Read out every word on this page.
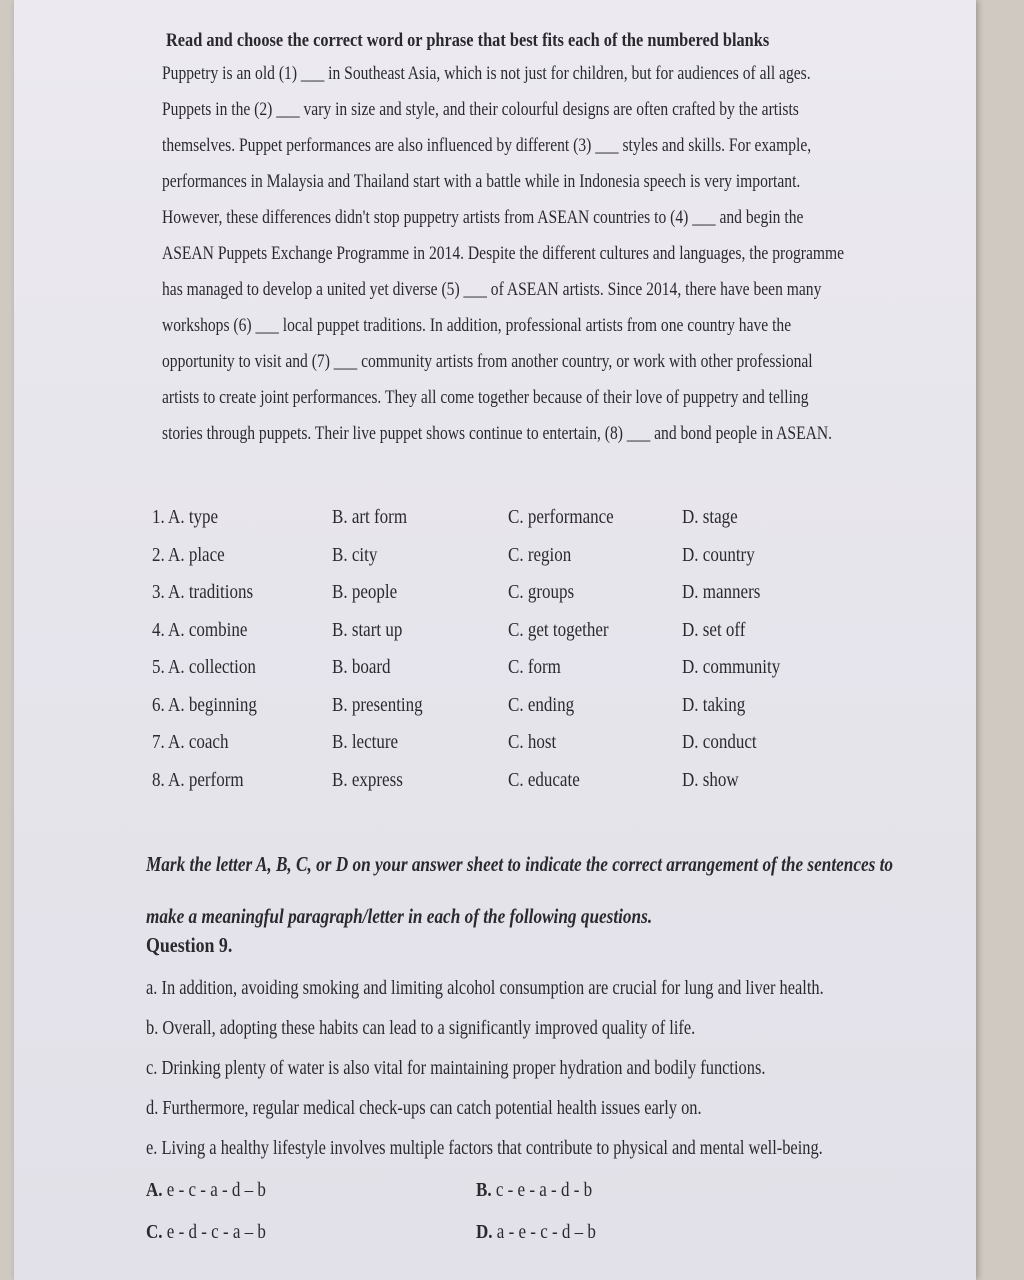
Read and choose the correct word or phrase that best fits each of the numbered blanks

Puppetry is an old (1) ___ in Southeast Asia, which is not just for children, but for audiences of all ages.

Puppets in the (2) ___ vary in size and style, and their colourful designs are often crafted by the artists

themselves. Puppet performances are also influenced by different (3) ___ styles and skills. For example,

performances in Malaysia and Thailand start with a battle while in Indonesia speech is very important.

However, these differences didn't stop puppetry artists from ASEAN countries to (4) ___ and begin the

ASEAN Puppets Exchange Programme in 2014. Despite the different cultures and languages, the programme

has managed to develop a united yet diverse (5) ___ of ASEAN artists. Since 2014, there have been many

workshops (6) ___ local puppet traditions. In addition, professional artists from one country have the

opportunity to visit and (7) ___ community artists from another country, or work with other professional

artists to create joint performances. They all come together because of their love of puppetry and telling

stories through puppets. Their live puppet shows continue to entertain, (8) ___ and bond people in ASEAN.

1. A. type	B. art form	C. performance	D. stage
2. A. place	B. city	C. region	D. country
3. A. traditions	B. people	C. groups	D. manners
4. A. combine	B. start up	C. get together	D. set off
5. A. collection	B. board	C. form	D. community
6. A. beginning	B. presenting	C. ending	D. taking
7. A. coach	B. lecture	C. host	D. conduct
8. A. perform	B. express	C. educate	D. show
Mark the letter A, B, C, or D on your answer sheet to indicate the correct arrangement of the sentences to
make a meaningful paragraph/letter in each of the following questions.
Question 9.
a. In addition, avoiding smoking and limiting alcohol consumption are crucial for lung and liver health.
b. Overall, adopting these habits can lead to a significantly improved quality of life.
c. Drinking plenty of water is also vital for maintaining proper hydration and bodily functions.
d. Furthermore, regular medical check-ups can catch potential health issues early on.
e. Living a healthy lifestyle involves multiple factors that contribute to physical and mental well-being.
A. e - c - a - d – b	B. c - e - a - d - b
C. e - d - c - a – b	D. a - e - c - d – b
